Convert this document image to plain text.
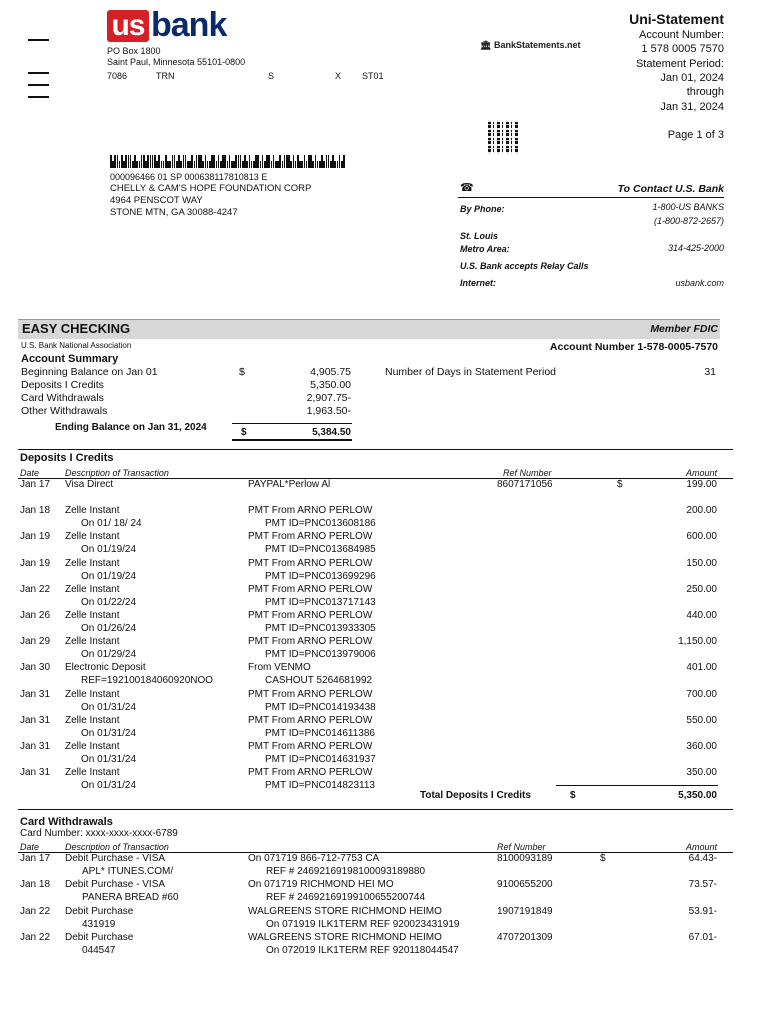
us bank
PO Box 1800
Saint Paul, Minnesota 55101-0800
7086	TRN	S	X ST01
🏛 BankStatements.net
Uni-Statement
Account Number:
1 578 0005 7570
Statement Period:
Jan 01, 2024
through
Jan 31, 2024
Page 1 of 3
000096466 01 SP 000638117810813 E
CHELLY & CAM'S HOPE FOUNDATION CORP
4964 PENSCOT WAY
STONE MTN, GA 30088-4247
☎	To Contact U.S. Bank
By Phone:	1-800-US BANKS
(1-800-872-2657)
St. Louis
Metro Area:	314-425-2000
U.S. Bank accepts Relay Calls
Internet:	usbank.com
EASY CHECKING	Member FDIC
U.S. Bank National Association	Account Number 1-578-0005-7570
Account Summary
Beginning Balance on Jan 01	$	4,905.75
Deposits I Credits	5,350.00
Card Withdrawals	2,907.75-
Other Withdrawals	1,963.50-
Number of Days in Statement Period	31
Ending Balance on Jan 31, 2024	$	5,384.50
Deposits I Credits
Date	Description of Transaction	Ref Number	Amount
Jan 17 Visa Direct	PAYPAL*Perlow Al	8607171056	$	199.00
Jan 18 Zelle Instant	PMT From ARNO PERLOW	200.00
On 01/ 18/ 24	PMT ID=PNC013608186
Jan 19 Zelle Instant	PMT From ARNO PERLOW	600.00
On 01/19/24	PMT ID=PNC013684985
Jan 19 Zelle Instant	PMT From ARNO PERLOW	150.00
On 01/19/24	PMT ID=PNC013699296
Jan 22 Zelle Instant	PMT From ARNO PERLOW	250.00
On 01/22/24	PMT ID=PNC013717143
Jan 26 Zelle Instant	PMT From ARNO PERLOW	440.00
On 01/26/24	PMT ID=PNC013933305
Jan 29 Zelle Instant	PMT From ARNO PERLOW	1,150.00
On 01/29/24	PMT ID=PNC013979006
Jan 30 Electronic Deposit	From VENMO	401.00
REF=192100184060920NOO	CASHOUT 5264681992
Jan 31 Zelle Instant	PMT From ARNO PERLOW	700.00
On 01/31/24	PMT ID=PNC014193438
Jan 31 Zelle Instant	PMT From ARNO PERLOW	550.00
On 01/31/24	PMT ID=PNC014611386
Jan 31 Zelle Instant	PMT From ARNO PERLOW	360.00
On 01/31/24	PMT ID=PNC014631937
Jan 31 Zelle Instant	PMT From ARNO PERLOW	350.00
On 01/31/24	PMT ID=PNC014823113
Total Deposits I Credits	$	5,350.00
Card Withdrawals
Card Number: xxxx-xxxx-xxxx-6789
Date	Description of Transaction	Ref Number	Amount
Jan 17 Debit Purchase - VISA	On 071719 866-712-7753 CA	8100093189	$	64.43-
APL* ITUNES.COM/	REF # 24692169198100093189880
Jan 18 Debit Purchase - VISA	On 071719 RICHMOND HEI MO	9100655200	73.57-
PANERA BREAD #60	REF # 24692169199100655200744
Jan 22 Debit Purchase	WALGREENS STORE RICHMOND HEIMO	1907191849	53.91-
431919	On 071919 ILK1TERM REF 920023431919
Jan 22 Debit Purchase	WALGREENS STORE RICHMOND HEIMO	4707201309	67.01-
044547	On 072019 ILK1TERM REF 920118044547
